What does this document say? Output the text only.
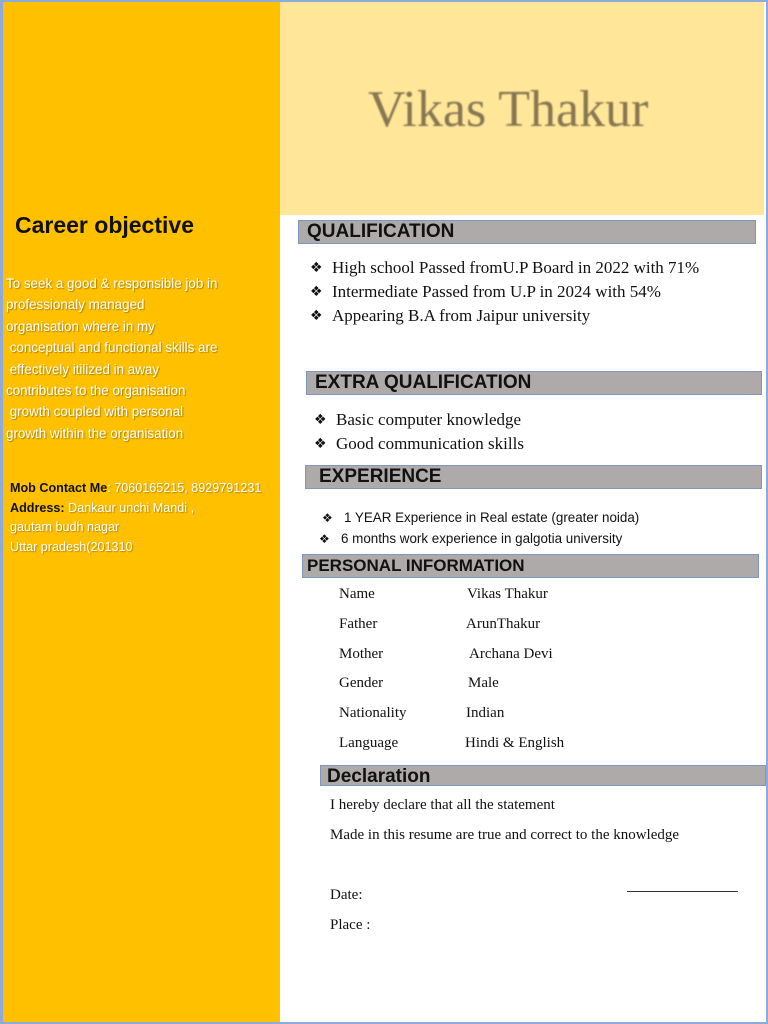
Career objective
To seek a good & responsible job in
professionaly managed
organisation where in my
conceptual and functional skills are
effectively itilized in away
contributes to the organisation
growth coupled with personal
growth within the organisation
Mob Contact Me: 7060165215, 8929791231
Address: Dankaur unchi Mandi ,
gautam budh nagar
Uttar pradesh(201310
Vikas Thakur
QUALIFICATION
❖ High school Passed fromU.P Board in 2022 with 71%
❖ Intermediate Passed from U.P in 2024 with 54%
❖ Appearing B.A from Jaipur university
EXTRA QUALIFICATION
❖ Basic computer knowledge
❖ Good communication skills
EXPERIENCE
❖ 1 YEAR Experience in Real estate (greater noida)
❖ 6 months work experience in galgotia university
PERSONAL INFORMATION
Name	Vikas Thakur
Father	ArunThakur
Mother	Archana Devi
Gender	Male
Nationality	Indian
Language	Hindi & English
Declaration
I hereby declare that all the statement
Made in this resume are true and correct to the knowledge
Date:
Place :
